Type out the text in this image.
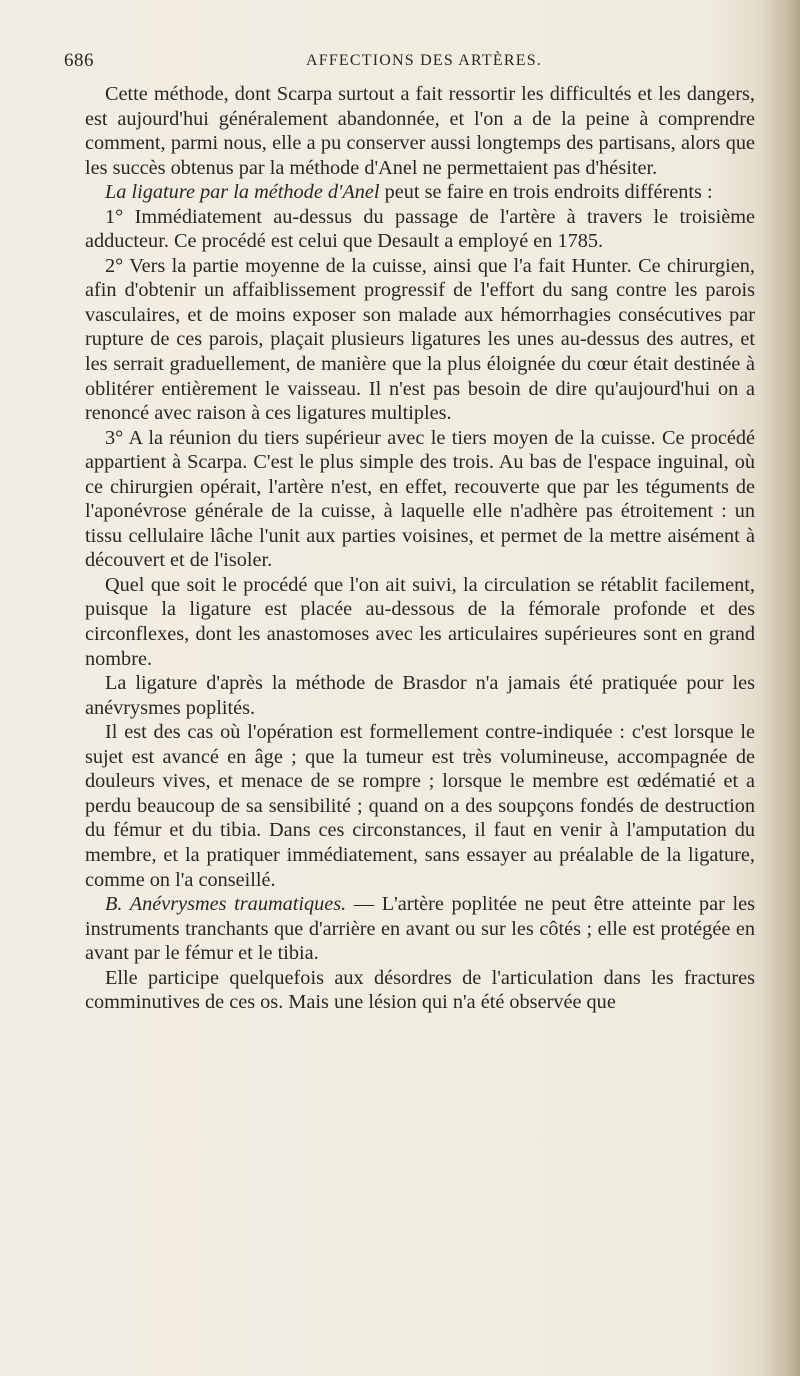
686	AFFECTIONS DES ARTÈRES.

Cette méthode, dont Scarpa surtout a fait ressortir les difficultés et les dangers, est aujourd'hui généralement abandonnée, et l'on a de la peine à comprendre comment, parmi nous, elle a pu conserver aussi longtemps des partisans, alors que les succès obtenus par la méthode d'Anel ne permettaient pas d'hésiter.

La ligature par la méthode d'Anel peut se faire en trois endroits différents :

1° Immédiatement au-dessus du passage de l'artère à travers le troisième adducteur. Ce procédé est celui que Desault a employé en 1785.

2° Vers la partie moyenne de la cuisse, ainsi que l'a fait Hunter. Ce chirurgien, afin d'obtenir un affaiblissement progressif de l'effort du sang contre les parois vasculaires, et de moins exposer son malade aux hémorrhagies consécutives par rupture de ces parois, plaçait plusieurs ligatures les unes au-dessus des autres, et les serrait graduellement, de manière que la plus éloignée du cœur était destinée à oblitérer entièrement le vaisseau. Il n'est pas besoin de dire qu'aujourd'hui on a renoncé avec raison à ces ligatures multiples.

3° A la réunion du tiers supérieur avec le tiers moyen de la cuisse. Ce procédé appartient à Scarpa. C'est le plus simple des trois. Au bas de l'espace inguinal, où ce chirurgien opérait, l'artère n'est, en effet, recouverte que par les téguments de l'aponévrose générale de la cuisse, à laquelle elle n'adhère pas étroitement : un tissu cellulaire lâche l'unit aux parties voisines, et permet de la mettre aisément à découvert et de l'isoler.

Quel que soit le procédé que l'on ait suivi, la circulation se rétablit facilement, puisque la ligature est placée au-dessous de la fémorale profonde et des circonflexes, dont les anastomoses avec les articulaires supérieures sont en grand nombre.

La ligature d'après la méthode de Brasdor n'a jamais été pratiquée pour les anévrysmes poplités.

Il est des cas où l'opération est formellement contre-indiquée : c'est lorsque le sujet est avancé en âge ; que la tumeur est très volumineuse, accompagnée de douleurs vives, et menace de se rompre ; lorsque le membre est œdématié et a perdu beaucoup de sa sensibilité ; quand on a des soupçons fondés de destruction du fémur et du tibia. Dans ces circonstances, il faut en venir à l'amputation du membre, et la pratiquer immédiatement, sans essayer au préalable de la ligature, comme on l'a conseillé.

B. Anévrysmes traumatiques. — L'artère poplitée ne peut être atteinte par les instruments tranchants que d'arrière en avant ou sur les côtés ; elle est protégée en avant par le fémur et le tibia.

Elle participe quelquefois aux désordres de l'articulation dans les fractures comminutives de ces os. Mais une lésion qui n'a été observée que
